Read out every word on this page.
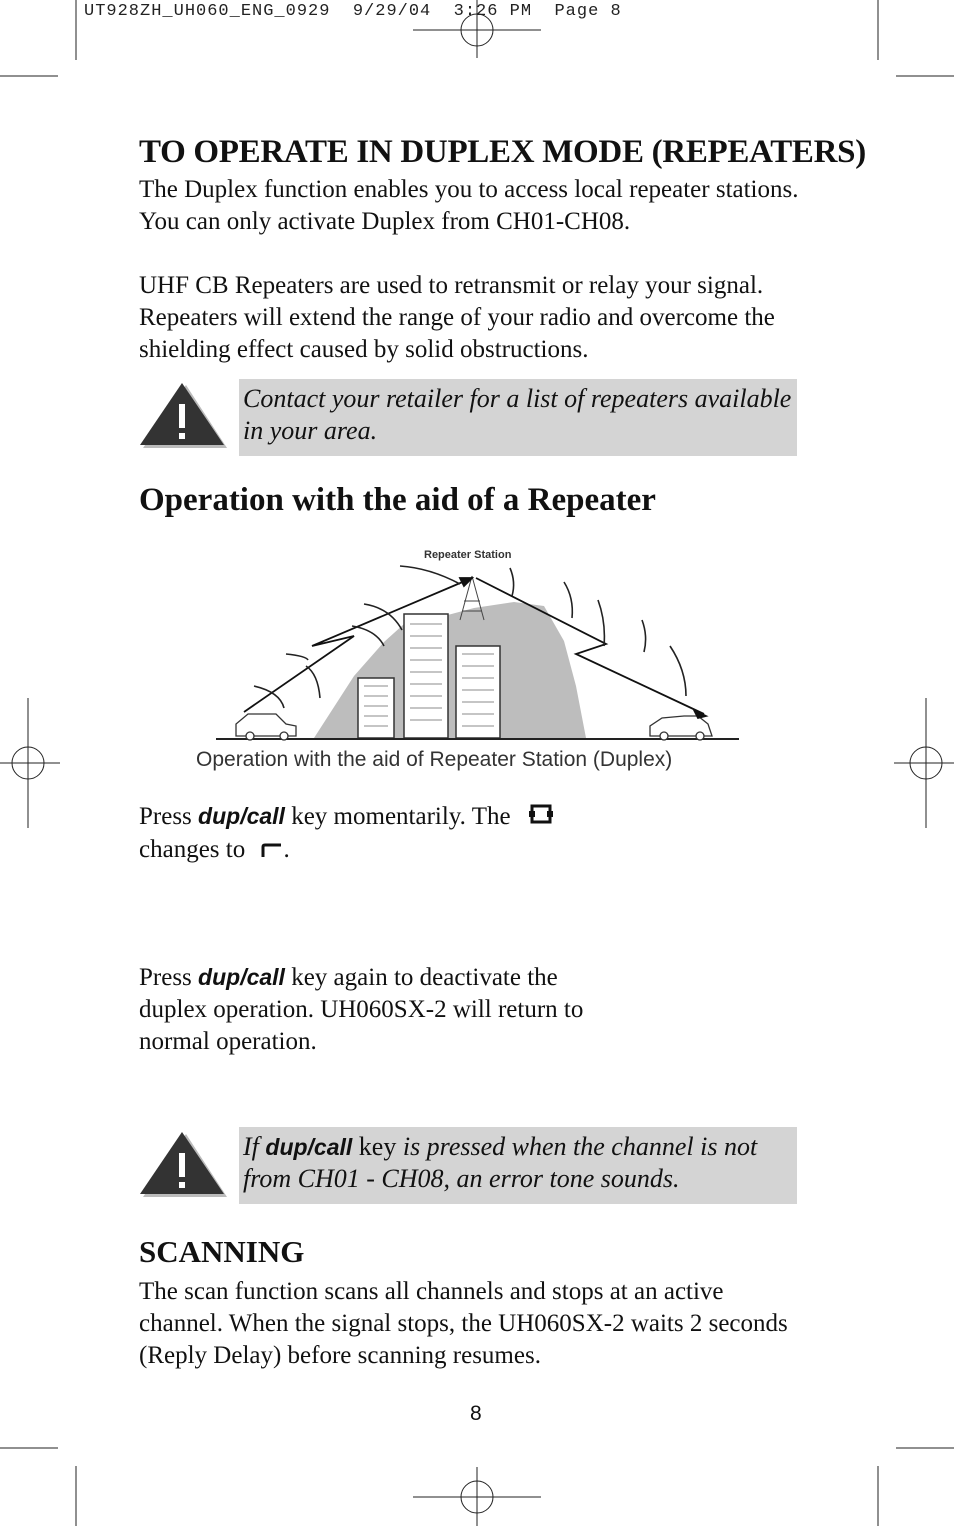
UT928ZH_UH060_ENG_0929  9/29/04  3:26 PM  Page 8
TO OPERATE IN DUPLEX MODE (REPEATERS)

The Duplex function enables you to access local repeater stations. You can only activate Duplex from CH01-CH08.

UHF CB Repeaters are used to retransmit or relay your signal. Repeaters will extend the range of your radio and overcome the shielding effect caused by solid obstructions.

Contact your retailer for a list of repeaters available in your area.
Operation with the aid of a Repeater
Repeater Station
Operation with the aid of Repeater Station (Duplex)
Press dup/call key momentarily. The
changes to .
Press dup/call key again to deactivate the duplex operation. UH060SX-2 will return to normal operation.
If dup/call key is pressed when the channel is not from CH01 - CH08, an error tone sounds.
SCANNING

The scan function scans all channels and stops at an active channel. When the signal stops, the UH060SX-2 waits 2 seconds (Reply Delay) before scanning resumes.

8
